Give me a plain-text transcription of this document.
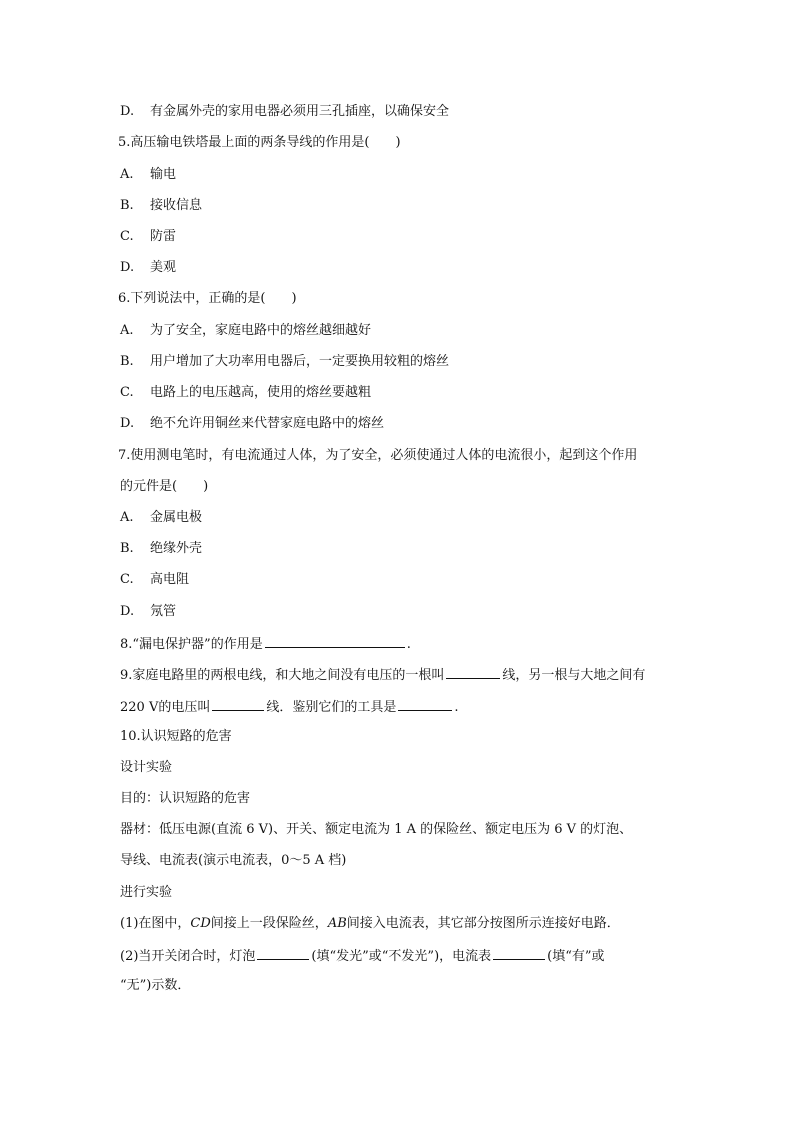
D. 有金属外壳的家用电器必须用三孔插座，以确保安全
5.高压输电铁塔最上面的两条导线的作用是(　　)
A. 输电
B. 接收信息
C. 防雷
D. 美观
6.下列说法中，正确的是(　　)
A. 为了安全，家庭电路中的熔丝越细越好
B. 用户增加了大功率用电器后，一定要换用较粗的熔丝
C. 电路上的电压越高，使用的熔丝要越粗
D. 绝不允许用铜丝来代替家庭电路中的熔丝
7.使用测电笔时，有电流通过人体，为了安全，必须使通过人体的电流很小，起到这个作用
的元件是(　　)
A. 金属电极
B. 绝缘外壳
C. 高电阻
D. 氖管
8.“漏电保护器”的作用是	.
9.家庭电路里的两根电线，和大地之间没有电压的一根叫	线，另一根与大地之间有
220 V的电压叫	线．鉴别它们的工具是	.
10.认识短路的危害
设计实验
目的：认识短路的危害
器材：低压电源(直流 6 V)、开关、额定电流为 1 A 的保险丝、额定电压为 6 V 的灯泡、
导线、电流表(演示电流表，0～5 A 档)
进行实验
(1)在图中，CD间接上一段保险丝，AB间接入电流表，其它部分按图所示连接好电路．
(2)当开关闭合时，灯泡	(填“发光”或“不发光”)，电流表	(填“有”或
“无”)示数．
